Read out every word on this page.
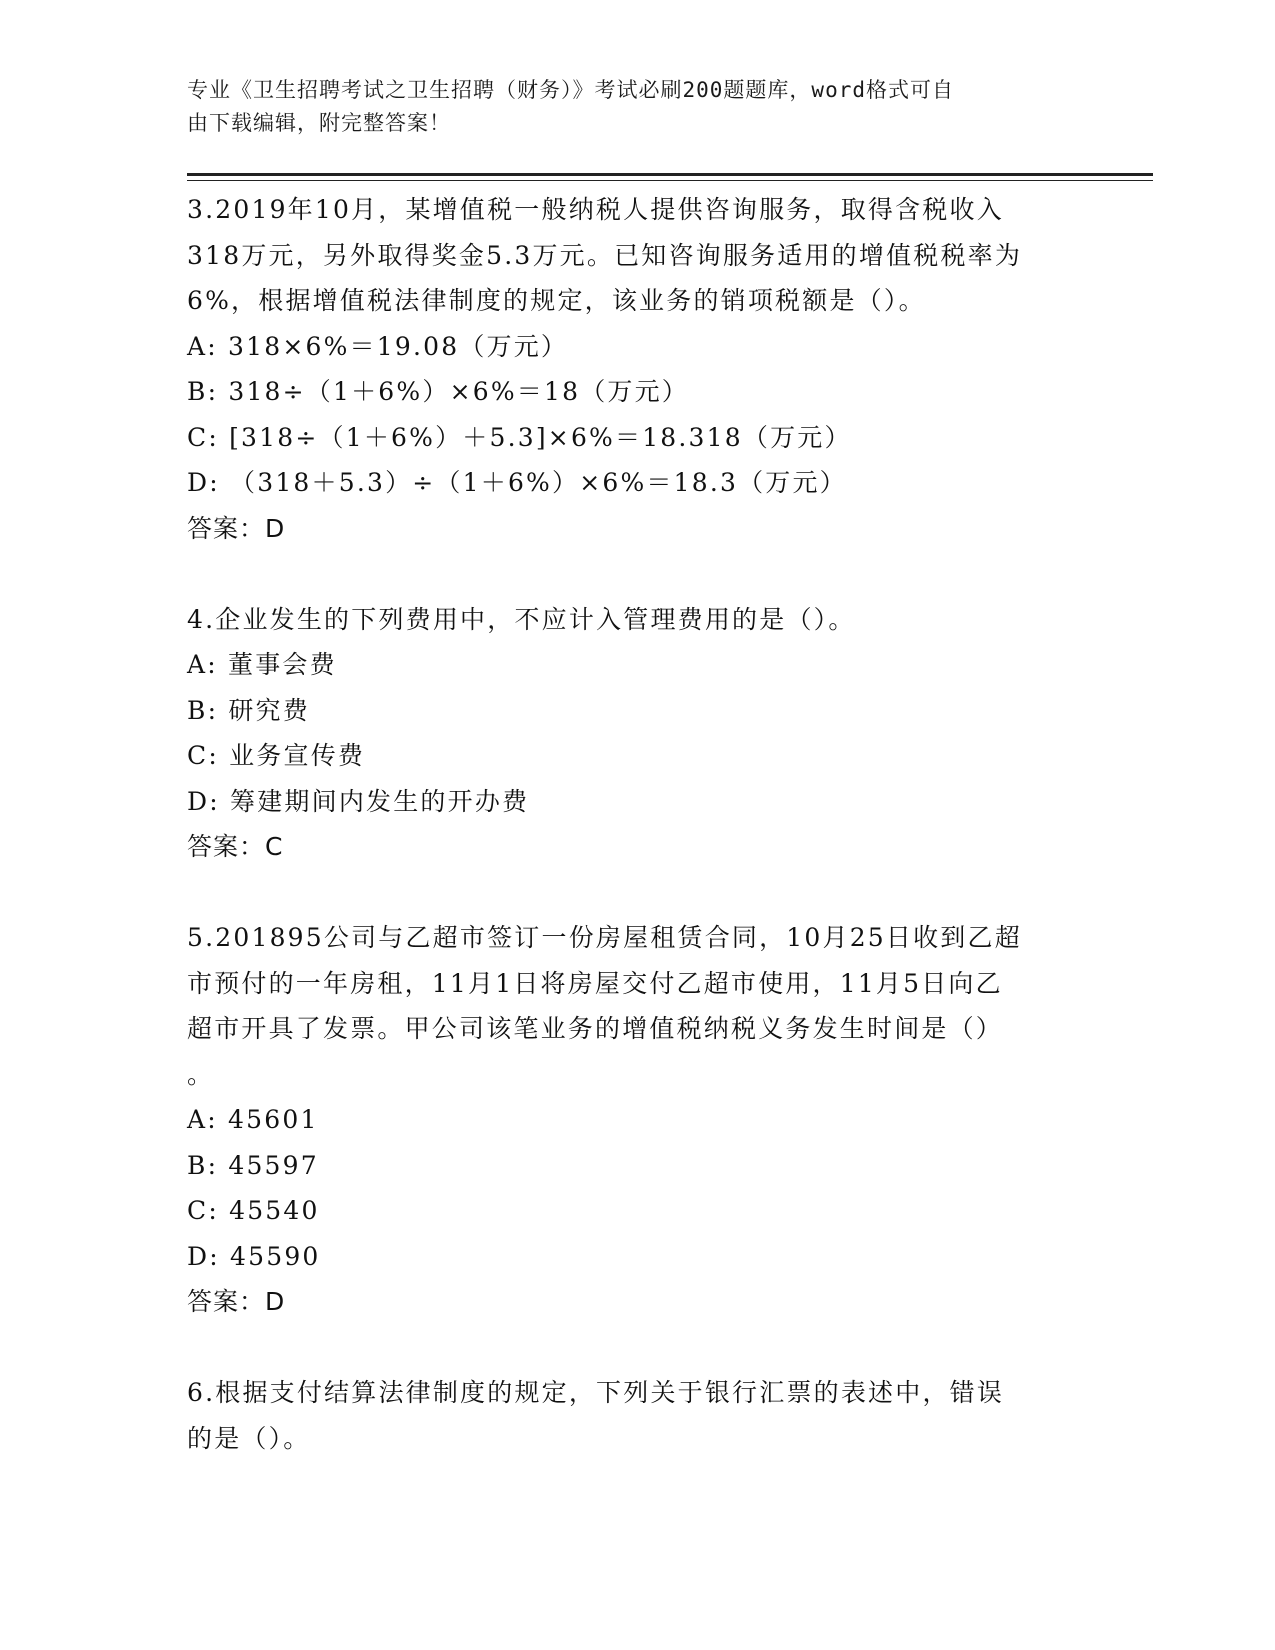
专业《卫生招聘考试之卫生招聘（财务）》考试必刷200题题库，word格式可自
由下载编辑，附完整答案！
3.2019年10月，某增值税一般纳税人提供咨询服务，取得含税收入
318万元，另外取得奖金5.3万元。已知咨询服务适用的增值税税率为
6%，根据增值税法律制度的规定，该业务的销项税额是（）。
A: 318×6%＝19.08（万元）
B: 318÷（1＋6%）×6%＝18（万元）
C: [318÷（1＋6%）＋5.3]×6%＝18.318（万元）
D: （318＋5.3）÷（1＋6%）×6%＝18.3（万元）
答案：D
4.企业发生的下列费用中，不应计入管理费用的是（）。
A: 董事会费
B: 研究费
C: 业务宣传费
D: 筹建期间内发生的开办费
答案：C
5.201895公司与乙超市签订一份房屋租赁合同，10月25日收到乙超
市预付的一年房租，11月1日将房屋交付乙超市使用，11月5日向乙
超市开具了发票。甲公司该笔业务的增值税纳税义务发生时间是（）
。
A: 45601
B: 45597
C: 45540
D: 45590
答案：D
6.根据支付结算法律制度的规定，下列关于银行汇票的表述中，错误
的是（）。
